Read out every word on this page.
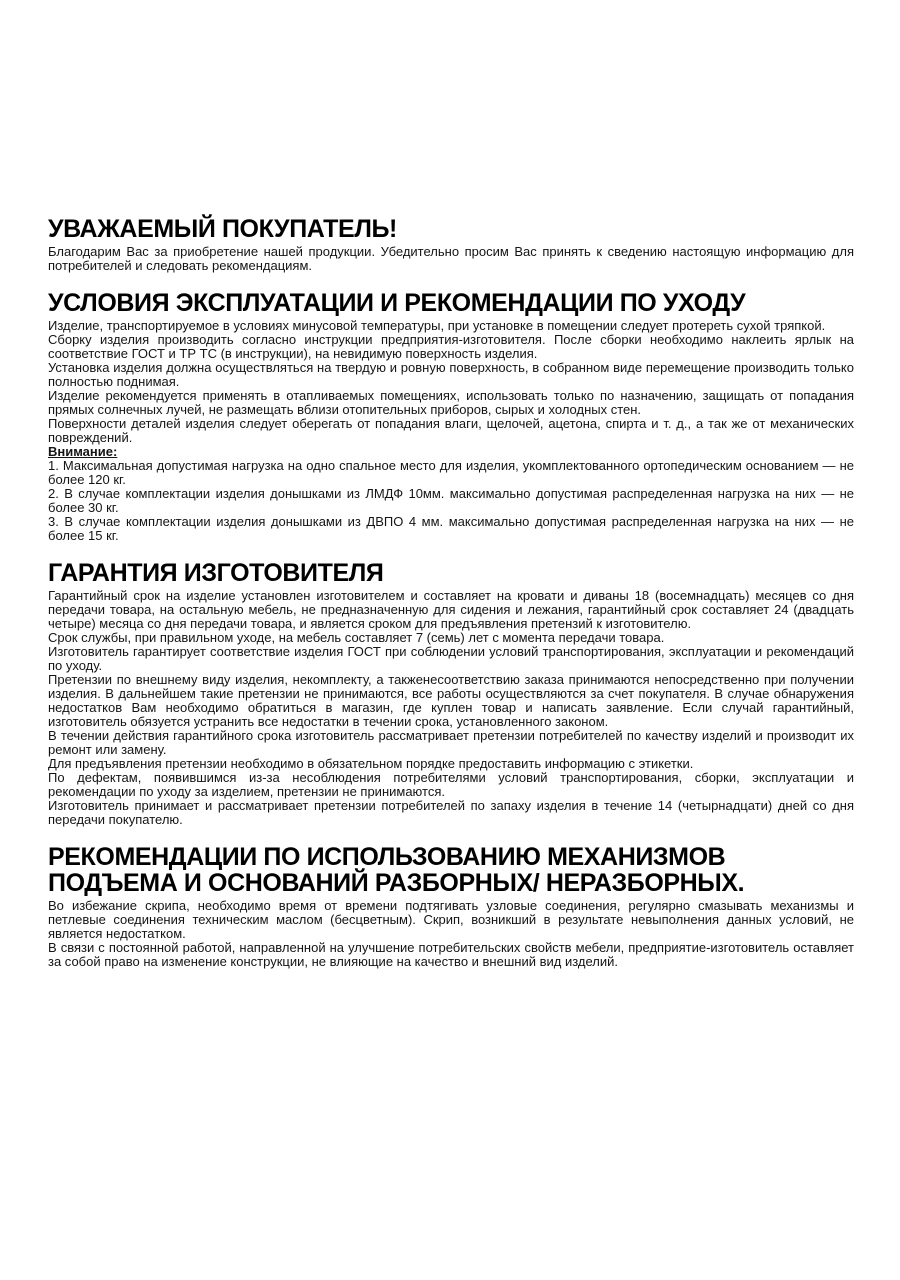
УВАЖАЕМЫЙ ПОКУПАТЕЛЬ!

Благодарим Вас за приобретение нашей продукции. Убедительно просим Вас принять к сведению настоящую информацию для потребителей и следовать рекомендациям.

УСЛОВИЯ ЭКСПЛУАТАЦИИ И РЕКОМЕНДАЦИИ ПО УХОДУ

Изделие, транспортируемое в условиях минусовой температуры, при установке в помещении следует протереть сухой тряпкой.

Сборку изделия производить согласно инструкции предприятия-изготовителя. После сборки необходимо наклеить ярлык на соответствие ГОСТ и ТР ТС (в инструкции), на невидимую поверхность изделия.

Установка изделия должна осуществляться на твердую и ровную поверхность, в собранном виде перемещение производить только полностью поднимая.

Изделие рекомендуется применять в отапливаемых помещениях, использовать только по назначению, защищать от попадания прямых солнечных лучей, не размещать вблизи отопительных приборов, сырых и холодных стен.

Поверхности деталей изделия следует оберегать от попадания влаги, щелочей, ацетона, спирта и т. д., а так же от механических повреждений.

Внимание:

1. Максимальная допустимая нагрузка на одно спальное место для изделия, укомплектованного ортопедическим основанием — не более 120 кг.

2. В случае комплектации изделия донышками из ЛМДФ 10мм. максимально допустимая распределенная нагрузка на них — не более 30 кг.

3. В случае комплектации изделия донышками из ДВПО 4 мм. максимально допустимая распределенная нагрузка на них — не более 15 кг.

ГАРАНТИЯ ИЗГОТОВИТЕЛЯ

Гарантийный срок на изделие установлен изготовителем и составляет на кровати и диваны 18 (восемнадцать) месяцев со дня передачи товара, на остальную мебель, не предназначенную для сидения и лежания, гарантийный срок составляет 24 (двадцать четыре) месяца со дня передачи товара, и является сроком для предъявления претензий к изготовителю.

Срок службы, при правильном уходе, на мебель составляет 7 (семь) лет с момента передачи товара.

Изготовитель гарантирует соответствие изделия ГОСТ при соблюдении условий транспортирования, эксплуатации и рекомендаций по уходу.

Претензии по внешнему виду изделия, некомплекту, а такженесоответствию заказа принимаются непосредственно при получении изделия. В дальнейшем такие претензии не принимаются, все работы осуществляются за счет покупателя. В случае обнаружения недостатков Вам необходимо обратиться в магазин, где куплен товар и написать заявление. Если случай гарантийный, изготовитель обязуется устранить все недостатки в течении срока, установленного законом.

В течении действия гарантийного срока изготовитель рассматривает претензии потребителей по качеству изделий и производит их ремонт или замену.

Для предъявления претензии необходимо в обязательном порядке предоставить информацию с этикетки.

По дефектам, появившимся из-за несоблюдения потребителями условий транспортирования, сборки, эксплуатации и рекомендации по уходу за изделием, претензии не принимаются.

Изготовитель принимает и рассматривает претензии потребителей по запаху изделия в течение 14 (четырнадцати) дней со дня передачи покупателю.

РЕКОМЕНДАЦИИ ПО ИСПОЛЬЗОВАНИЮ МЕХАНИЗМОВ ПОДЪЕМА И ОСНОВАНИЙ РАЗБОРНЫХ/ НЕРАЗБОРНЫХ.

Во избежание скрипа, необходимо время от времени подтягивать узловые соединения, регулярно смазывать механизмы и петлевые соединения техническим маслом (бесцветным). Скрип, возникший в результате невыполнения данных условий, не является недостатком.

В связи с постоянной работой, направленной на улучшение потребительских свойств мебели, предприятие-изготовитель оставляет за собой право на изменение конструкции, не влияющие на качество и внешний вид изделий.
